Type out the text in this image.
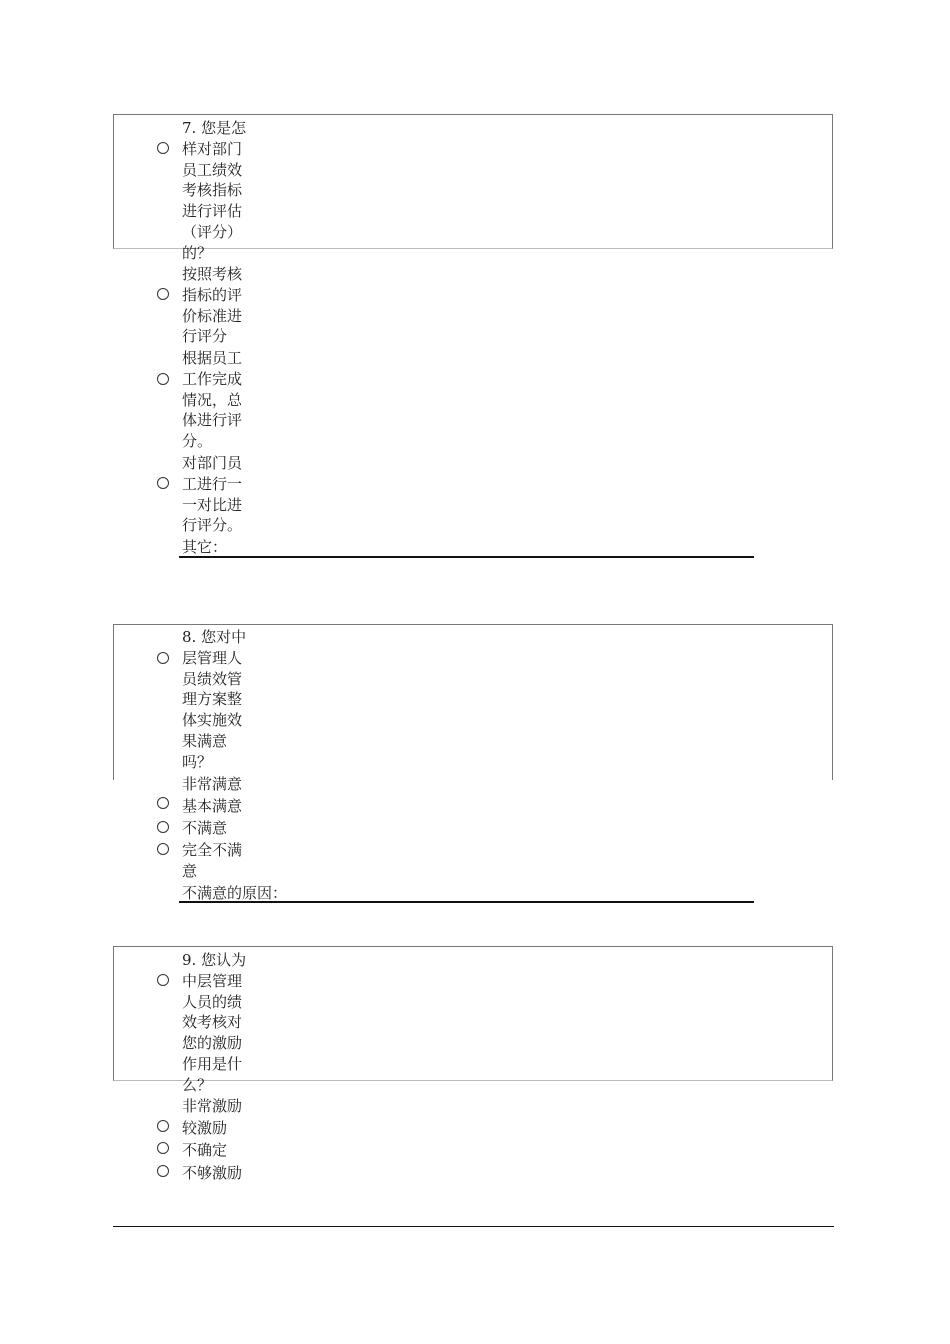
7. 您是怎样对部门员工绩效考核指标进行评估（评分）的？
按照考核指标的评价标准进行评分
根据员工工作完成情况，总体进行评分。
对部门员工进行一一对比进行评分。
其它：
8. 您对中层管理人员绩效管理方案整体实施效果满意吗？
非常满意
基本满意
不满意
完全不满意
不满意的原因：
9. 您认为中层管理人员的绩效考核对您的激励作用是什么？
非常激励
较激励
不确定
不够激励
